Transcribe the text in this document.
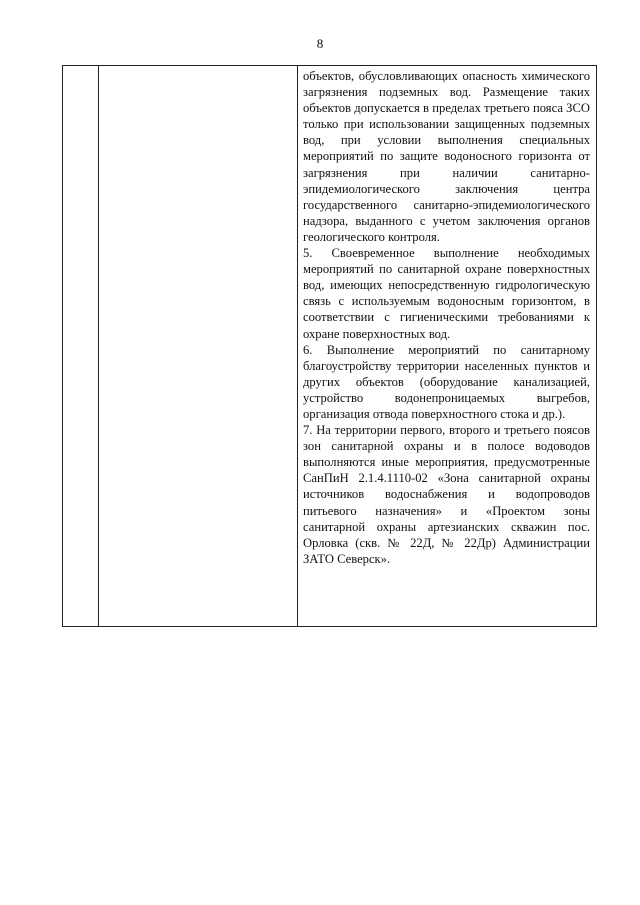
8

объектов, обусловливающих опасность химического загрязнения подземных вод. Размещение таких объектов допускается в пределах третьего пояса ЗСО только при использовании защищенных подземных вод, при условии выполнения специальных мероприятий по защите водоносного горизонта от загрязнения при наличии санитарно-эпидемиологического заключения центра государственного санитарно-эпидемиологического надзора, выданного с учетом заключения органов геологического контроля.

5. Своевременное выполнение необходимых мероприятий по санитарной охране поверхностных вод, имеющих непосредственную гидрологическую связь с используемым водоносным горизонтом, в соответствии с гигиеническими требованиями к охране поверхностных вод.

6. Выполнение мероприятий по санитарному благоустройству территории населенных пунктов и других объектов (оборудование канализацией, устройство водонепроницаемых выгребов, организация отвода поверхностного стока и др.).

7. На территории первого, второго и третьего поясов зон санитарной охраны и в полосе водоводов выполняются иные мероприятия, предусмотренные СанПиН 2.1.4.1110-02 «Зона санитарной охраны источников водоснабжения и водопроводов питьевого назначения» и «Проектом зоны санитарной охраны артезианских скважин пос. Орловка (скв. № 22Д, № 22Др) Администрации ЗАТО Северск».
